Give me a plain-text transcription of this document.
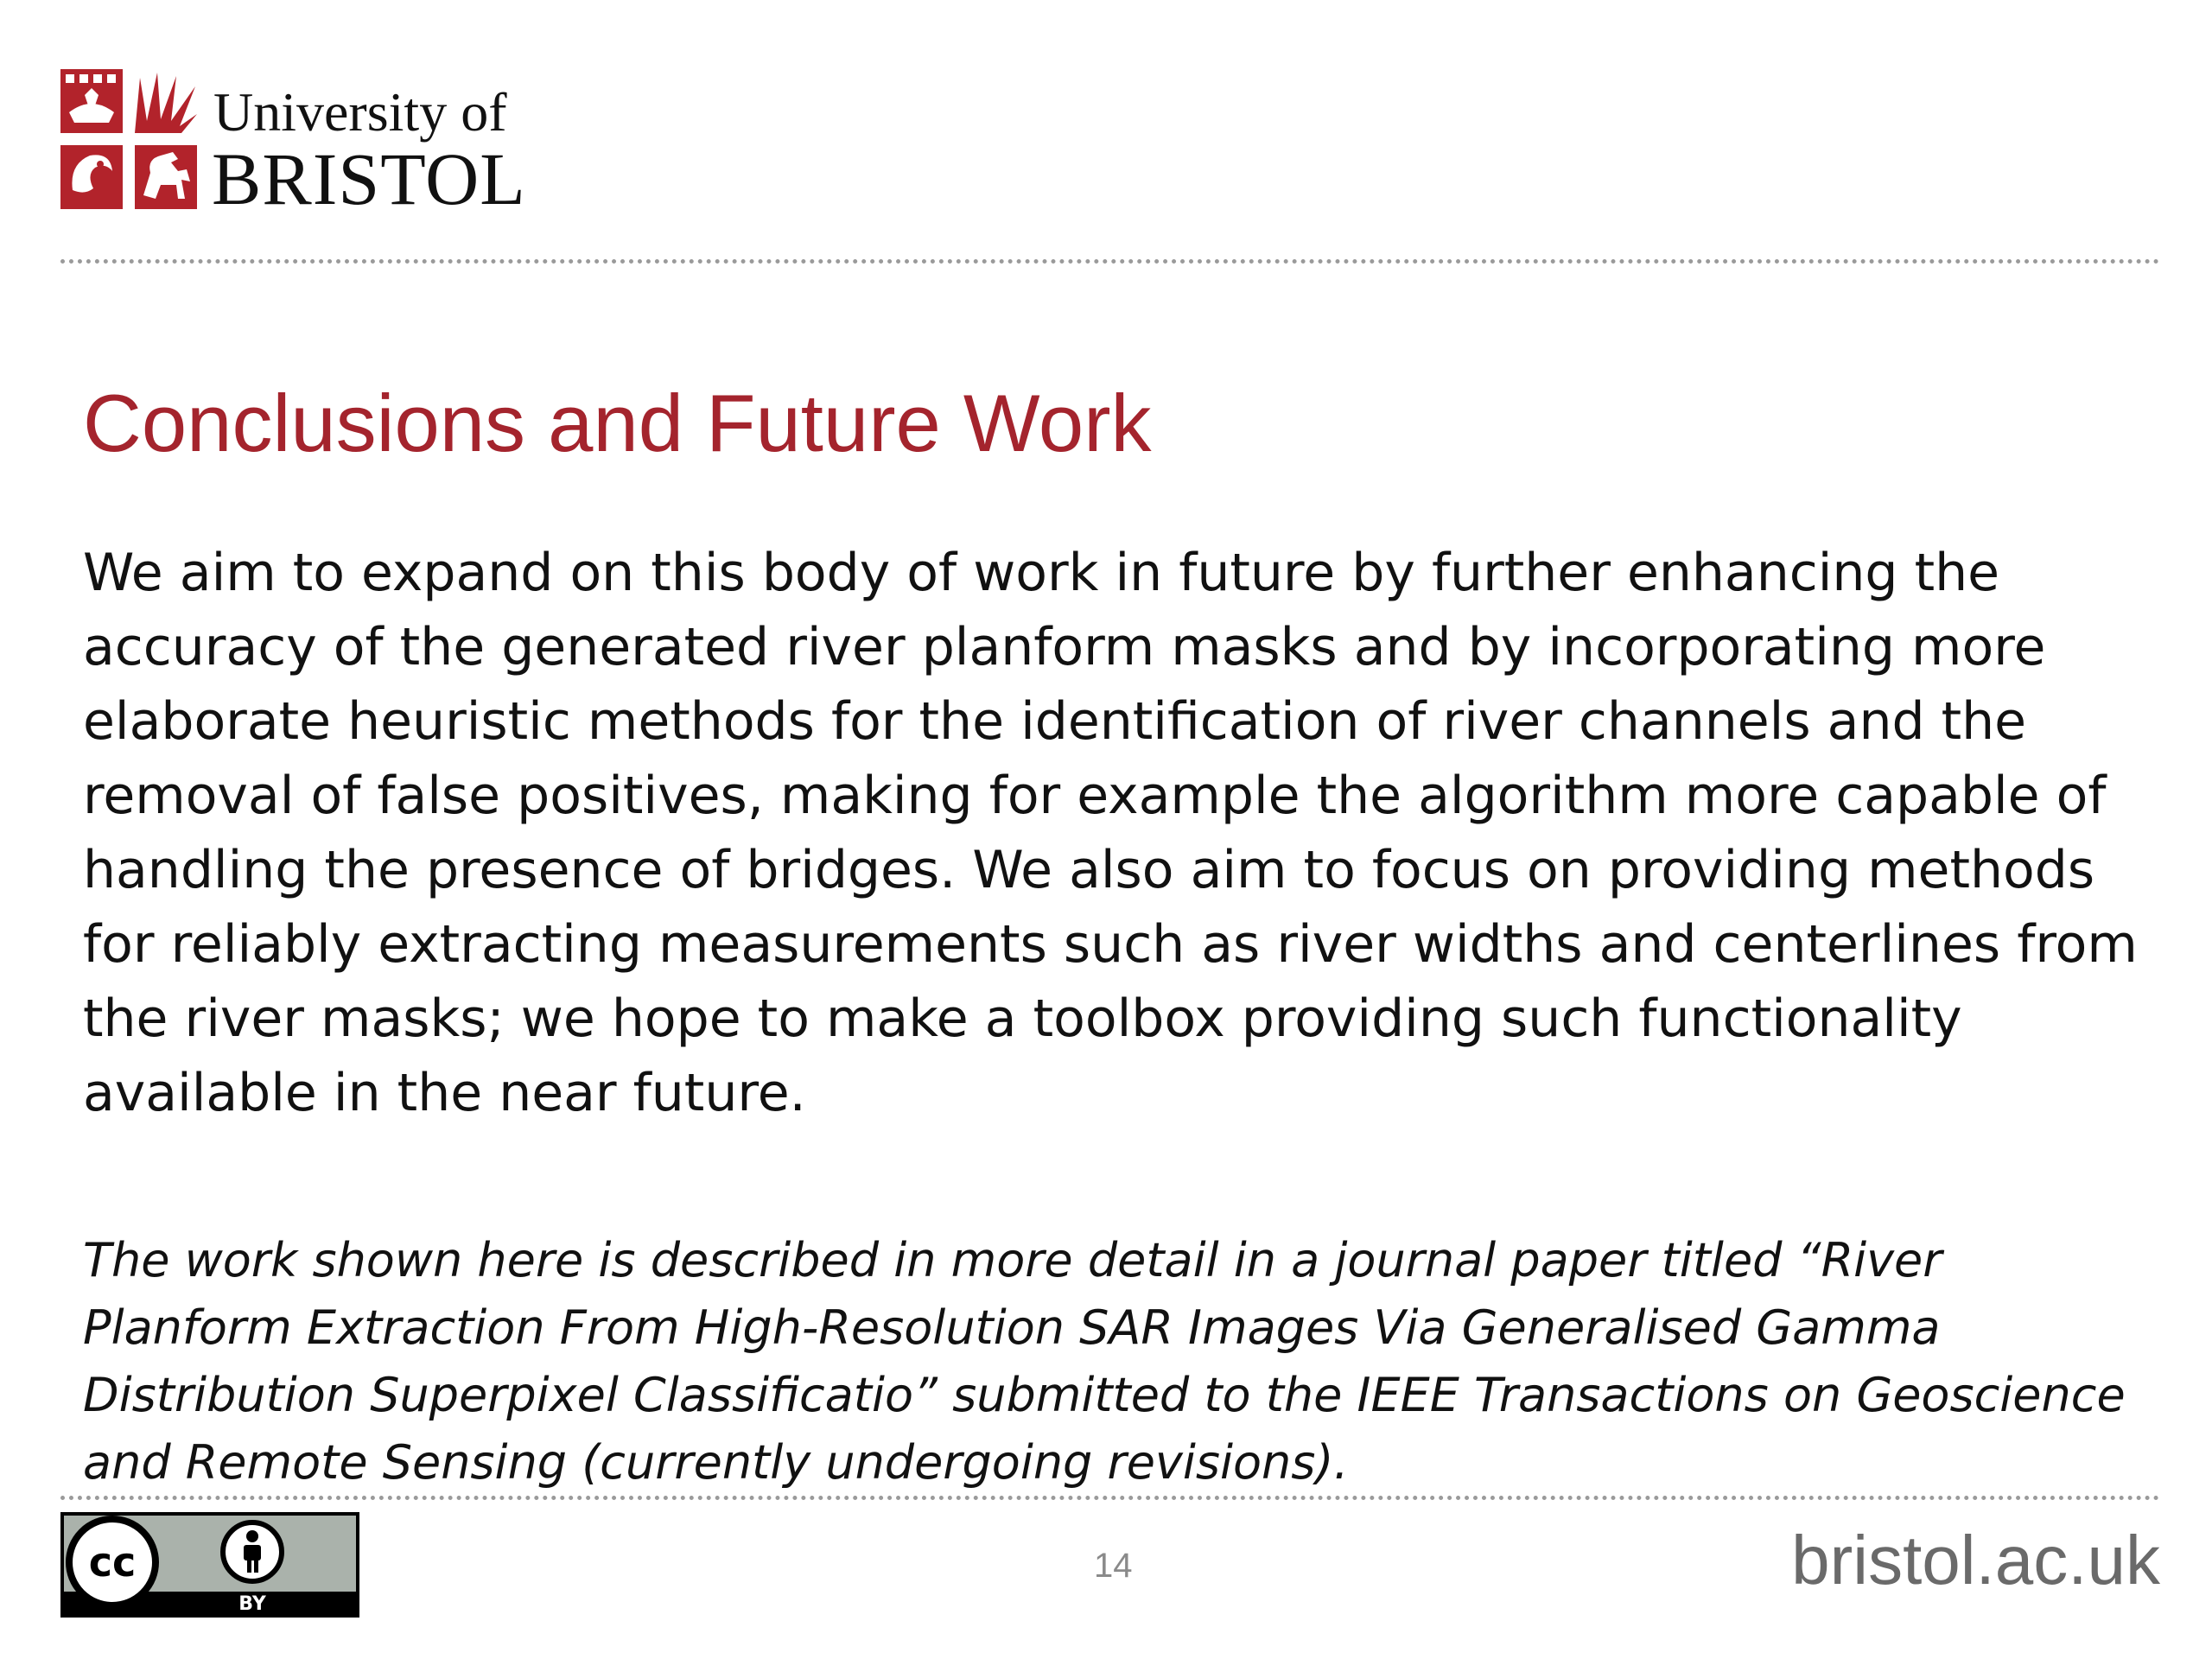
University of
BRISTOL
Conclusions and Future Work

We aim to expand on this body of work in future by further enhancing the accuracy of the generated river planform masks and by incorporating more elaborate heuristic methods for the identification of river channels and the removal of false positives, making for example the algorithm more capable of handling the presence of bridges. We also aim to focus on providing methods for reliably extracting measurements such as river widths and centerlines from the river masks; we hope to make a toolbox providing such functionality available in the near future.

The work shown here is described in more detail in a journal paper titled “River Planform Extraction From High-Resolution SAR Images Via Generalised Gamma Distribution Superpixel Classificatio” submitted to the IEEE Transactions on Geoscience and Remote Sensing (currently undergoing revisions).

cc
BY
14	bristol.ac.uk
